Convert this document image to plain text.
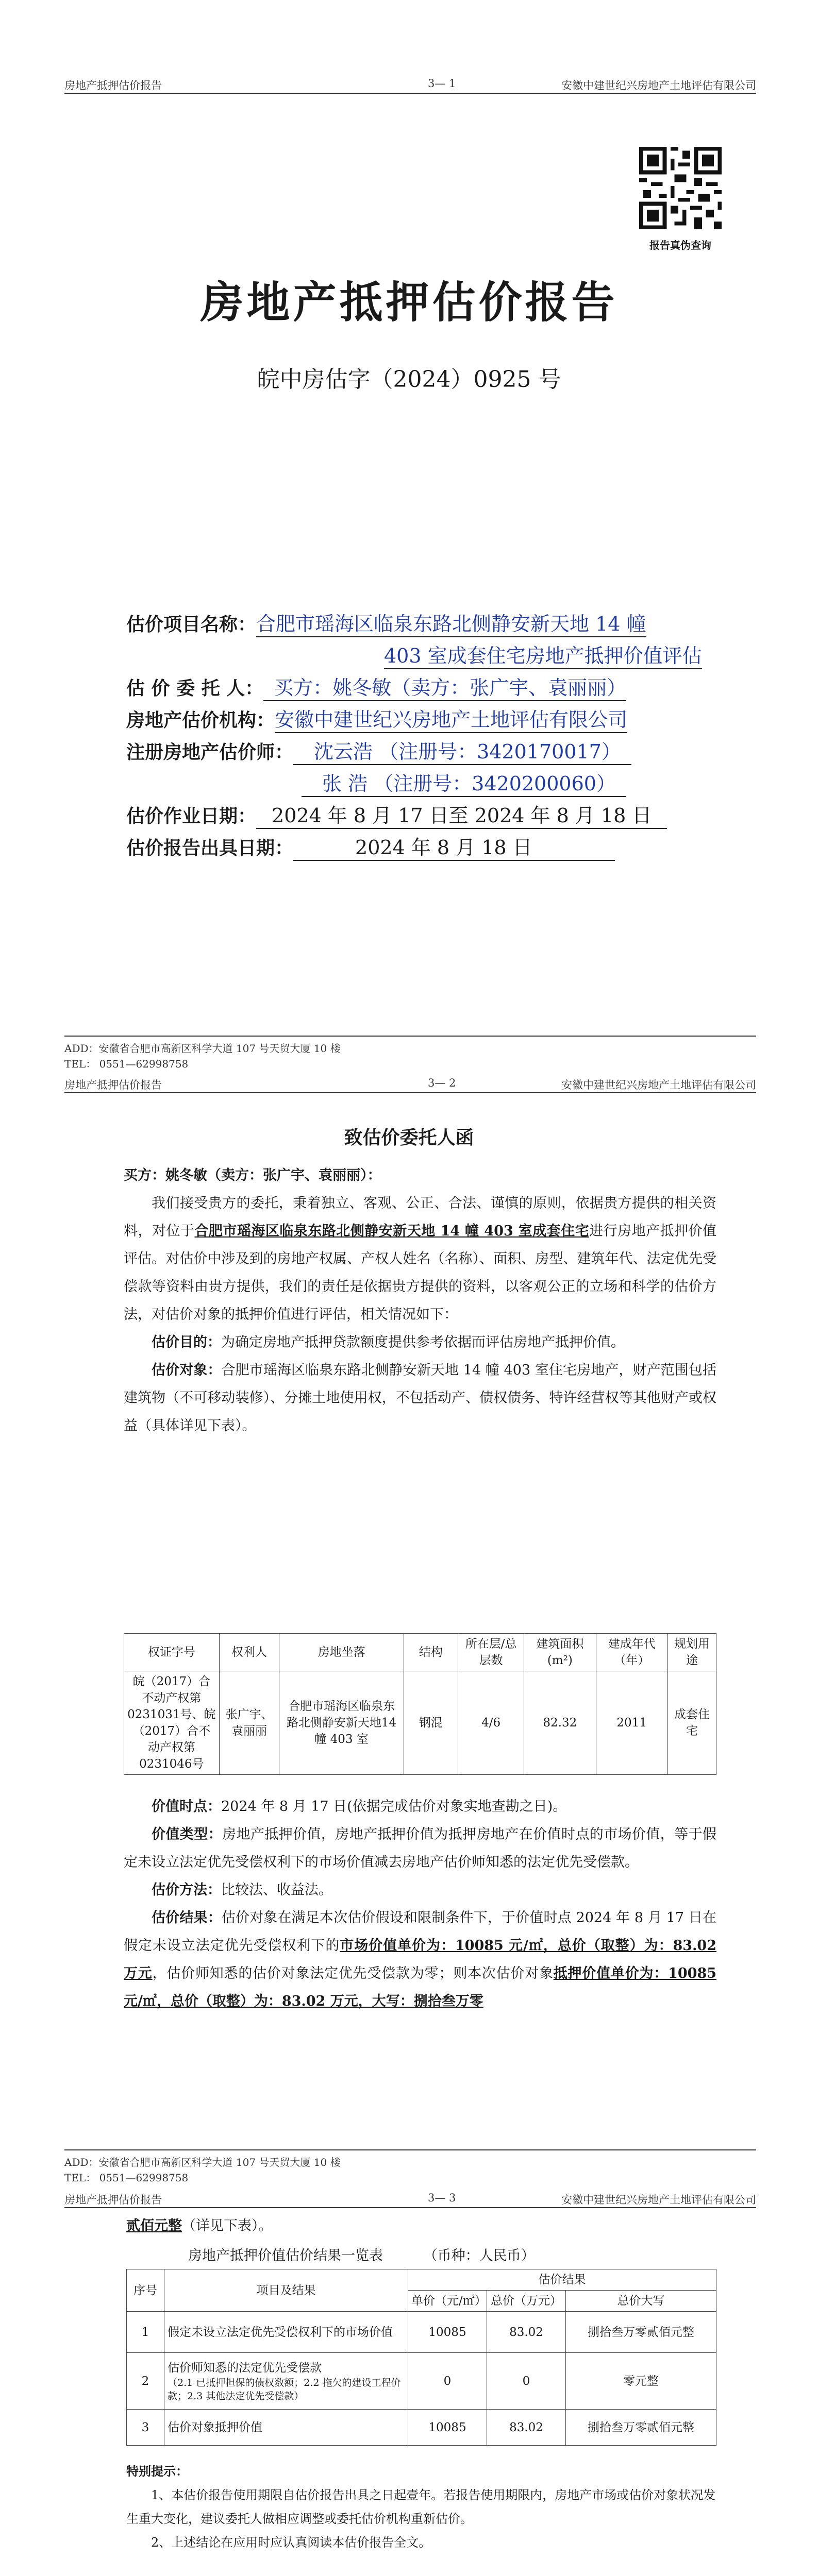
房地产抵押估价报告	3— 1	安徽中建世纪兴房地产土地评估有限公司
报告真伪查询
房地产抵押估价报告
皖中房估字（2024）0925 号
估价项目名称：合肥市瑶海区临泉东路北侧静安新天地 14 幢
403 室成套住宅房地产抵押价值评估
估 价 委 托 人： 买方：姚冬敏（卖方：张广宇、袁丽丽）
房地产估价机构：安徽中建世纪兴房地产土地评估有限公司
注册房地产估价师： 沈云浩 （注册号：3420170017）
张 浩 （注册号：3420200060）
估价作业日期： 2024 年 8 月 17 日至 2024 年 8 月 18 日
估价报告出具日期：	2024 年 8 月 18 日
ADD：安徽省合肥市高新区科学大道 107 号天贸大厦 10 楼
TEL： 0551—62998758
房地产抵押估价报告	3— 2	安徽中建世纪兴房地产土地评估有限公司
致估价委托人函

买方：姚冬敏（卖方：张广宇、袁丽丽）：

我们接受贵方的委托，秉着独立、客观、公正、合法、谨慎的原则，依据贵方提供的相关资料，对位于合肥市瑶海区临泉东路北侧静安新天地 14 幢 403 室成套住宅进行房地产抵押价值评估。对估价中涉及到的房地产权属、产权人姓名（名称）、面积、房型、建筑年代、法定优先受偿款等资料由贵方提供，我们的责任是依据贵方提供的资料，以客观公正的立场和科学的估价方法，对估价对象的抵押价值进行评估，相关情况如下：

估价目的：为确定房地产抵押贷款额度提供参考依据而评估房地产抵押价值。

估价对象：合肥市瑶海区临泉东路北侧静安新天地 14 幢 403 室住宅房地产，财产范围包括建筑物（不可移动装修）、分摊土地使用权，不包括动产、债权债务、特许经营权等其他财产或权益（具体详见下表）。

权证字号	权利人	房地坐落	结构	所在层/总层数	建筑面积(m²)	建成年代（年）	规划用途
皖（2017）合不动产权第0231031号、皖（2017）合不动产权第0231046号	张广宇、袁丽丽	合肥市瑶海区临泉东路北侧静安新天地14幢 403 室	钢混	4/6	82.32	2011	成套住宅

价值时点：2024 年 8 月 17 日(依据完成估价对象实地查勘之日)。

价值类型：房地产抵押价值，房地产抵押价值为抵押房地产在价值时点的市场价值，等于假定未设立法定优先受偿权利下的市场价值减去房地产估价师知悉的法定优先受偿款。

估价方法：比较法、收益法。

估价结果：估价对象在满足本次估价假设和限制条件下，于价值时点 2024 年 8 月 17 日在假定未设立法定优先受偿权利下的市场价值单价为：10085 元/㎡，总价（取整）为：83.02 万元，估价师知悉的估价对象法定优先受偿款为零；则本次估价对象抵押价值单价为：10085 元/㎡，总价（取整）为：83.02 万元，大写：捌拾叁万零

ADD：安徽省合肥市高新区科学大道 107 号天贸大厦 10 楼
TEL： 0551—62998758
房地产抵押估价报告	3— 3	安徽中建世纪兴房地产土地评估有限公司

贰佰元整（详见下表）。

房地产抵押价值估价结果一览表	（币种：人民币）
序号	项目及结果	估价结果		
		单价（元/㎡）	总价（万元）	总价大写
1	假定未设立法定优先受偿权利下的市场价值	10085	83.02	捌拾叁万零贰佰元整
2	估价师知悉的法定优先受偿款
（2.1 已抵押担保的债权数额；2.2 拖欠的建设工程价款；2.3 其他法定优先受偿款）	0	0	零元整
3	估价对象抵押价值	10085	83.02	捌拾叁万零贰佰元整

特别提示：

1、本估价报告使用期限自估价报告出具之日起壹年。若报告使用期限内，房地产市场或估价对象状况发生重大变化，建议委托人做相应调整或委托估价机构重新估价。

2、上述结论在应用时应认真阅读本估价报告全文。
